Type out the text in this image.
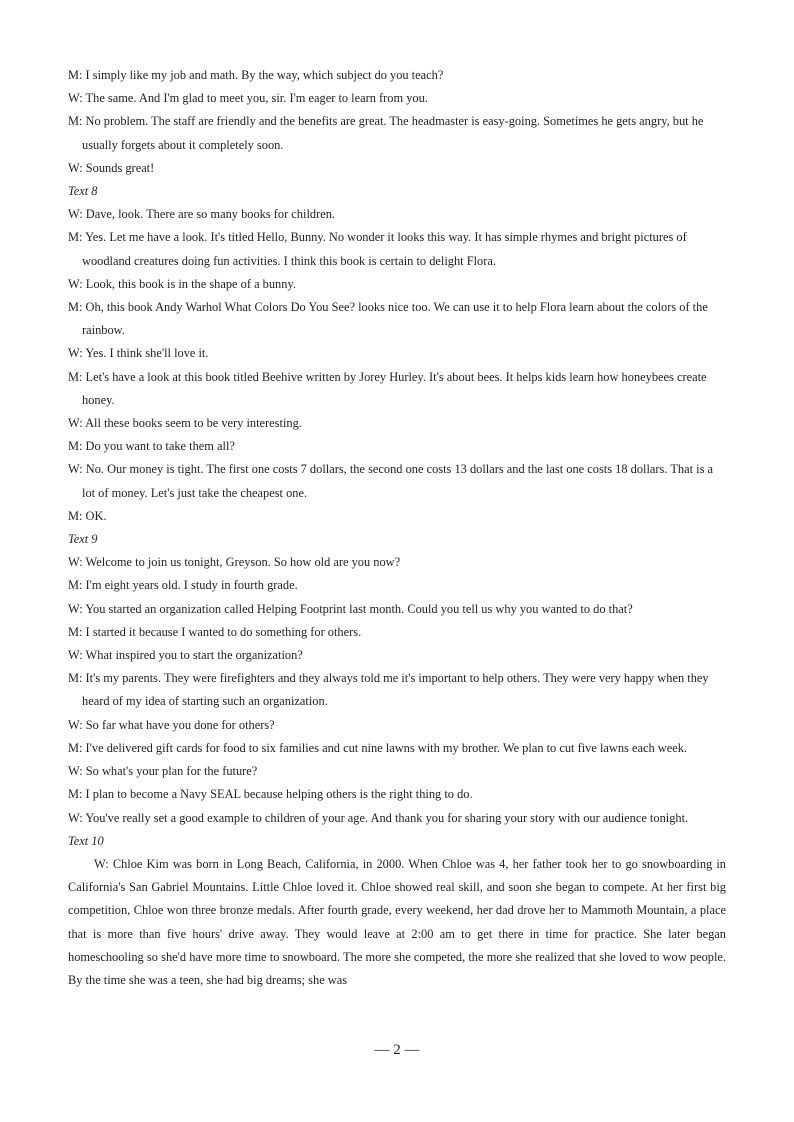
M: I simply like my job and math. By the way, which subject do you teach?
W: The same. And I'm glad to meet you, sir. I'm eager to learn from you.
M: No problem. The staff are friendly and the benefits are great. The headmaster is easy-going. Sometimes he gets angry, but he usually forgets about it completely soon.
W: Sounds great!
Text 8
W: Dave, look. There are so many books for children.
M: Yes. Let me have a look. It's titled Hello, Bunny. No wonder it looks this way. It has simple rhymes and bright pictures of woodland creatures doing fun activities. I think this book is certain to delight Flora.
W: Look, this book is in the shape of a bunny.
M: Oh, this book Andy Warhol What Colors Do You See? looks nice too. We can use it to help Flora learn about the colors of the rainbow.
W: Yes. I think she'll love it.
M: Let's have a look at this book titled Beehive written by Jorey Hurley. It's about bees. It helps kids learn how honeybees create honey.
W: All these books seem to be very interesting.
M: Do you want to take them all?
W: No. Our money is tight. The first one costs 7 dollars, the second one costs 13 dollars and the last one costs 18 dollars. That is a lot of money. Let's just take the cheapest one.
M: OK.
Text 9
W: Welcome to join us tonight, Greyson. So how old are you now?
M: I'm eight years old. I study in fourth grade.
W: You started an organization called Helping Footprint last month. Could you tell us why you wanted to do that?
M: I started it because I wanted to do something for others.
W: What inspired you to start the organization?
M: It's my parents. They were firefighters and they always told me it's important to help others. They were very happy when they heard of my idea of starting such an organization.
W: So far what have you done for others?
M: I've delivered gift cards for food to six families and cut nine lawns with my brother. We plan to cut five lawns each week.
W: So what's your plan for the future?
M: I plan to become a Navy SEAL because helping others is the right thing to do.
W: You've really set a good example to children of your age. And thank you for sharing your story with our audience tonight.
Text 10
W: Chloe Kim was born in Long Beach, California, in 2000. When Chloe was 4, her father took her to go snowboarding in California's San Gabriel Mountains. Little Chloe loved it. Chloe showed real skill, and soon she began to compete. At her first big competition, Chloe won three bronze medals. After fourth grade, every weekend, her dad drove her to Mammoth Mountain, a place that is more than five hours' drive away. They would leave at 2:00 am to get there in time for practice. She later began homeschooling so she'd have more time to snowboard. The more she competed, the more she realized that she loved to wow people. By the time she was a teen, she had big dreams; she was
— 2 —
